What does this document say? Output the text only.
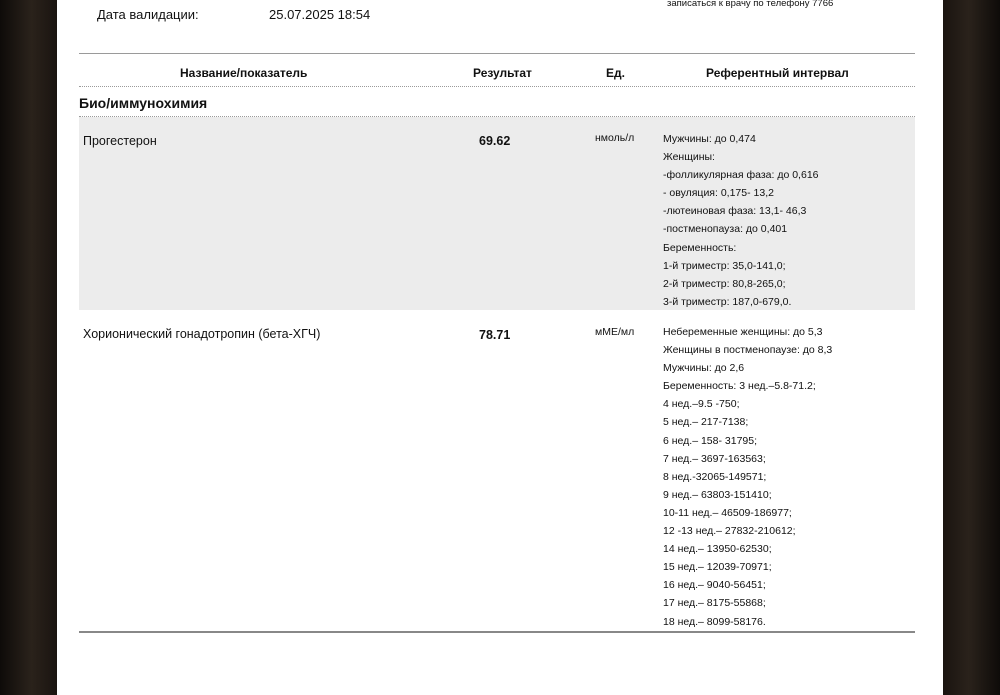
Дата валидации:	25.07.2025 18:54
записаться к врачу по телефону 7766
Название/показатель	Результат	Ед.	Референтный интервал
Био/иммунохимия
Прогестерон	69.62	нмоль/л	Мужчины: до 0,474
Женщины:
-фолликулярная фаза: до 0,616
- овуляция: 0,175- 13,2
-лютеиновая фаза: 13,1- 46,3
-постменопауза: до 0,401
Беременность:
1-й триместр: 35,0-141,0;
2-й триместр: 80,8-265,0;
3-й триместр: 187,0-679,0.
Хорионический гонадотропин (бета-ХГЧ)	78.71	мМЕ/мл	Небеременные женщины: до 5,3
Женщины в постменопаузе: до 8,3
Мужчины: до 2,6
Беременность: 3 нед.–5.8-71.2;
4 нед.–9.5 -750;
5 нед.– 217-7138;
6 нед.– 158- 31795;
7 нед.– 3697-163563;
8 нед.-32065-149571;
9 нед.– 63803-151410;
10-11 нед.– 46509-186977;
12 -13 нед.– 27832-210612;
14 нед.– 13950-62530;
15 нед.– 12039-70971;
16 нед.– 9040-56451;
17 нед.– 8175-55868;
18 нед.– 8099-58176.
